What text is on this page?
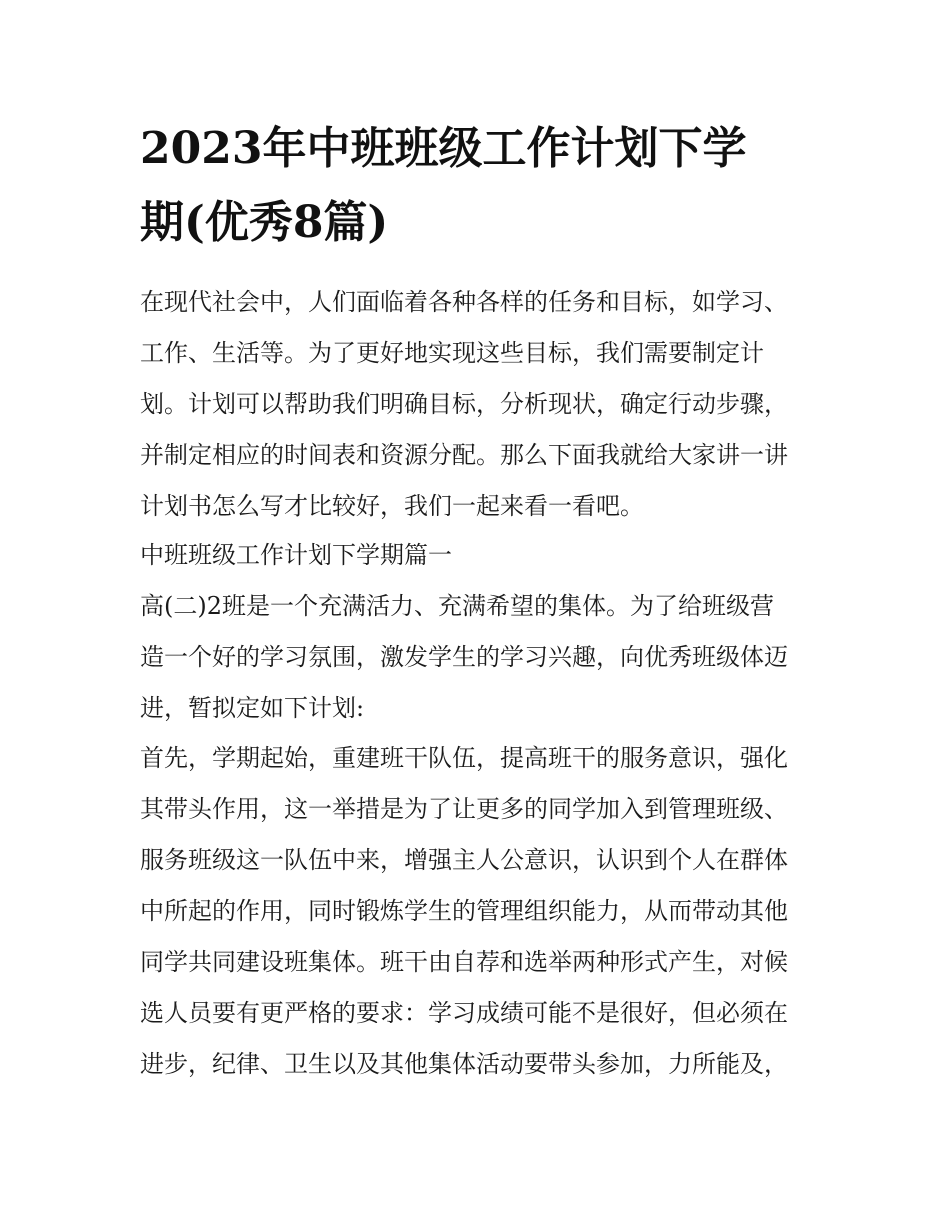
2023年中班班级工作计划下学
期(优秀8篇)

在现代社会中，人们面临着各种各样的任务和目标，如学习、

工作、生活等。为了更好地实现这些目标，我们需要制定计

划。计划可以帮助我们明确目标，分析现状，确定行动步骤，

并制定相应的时间表和资源分配。那么下面我就给大家讲一讲

计划书怎么写才比较好，我们一起来看一看吧。

中班班级工作计划下学期篇一

高(二)2班是一个充满活力、充满希望的集体。为了给班级营

造一个好的学习氛围，激发学生的学习兴趣，向优秀班级体迈

进，暂拟定如下计划:

首先，学期起始，重建班干队伍，提高班干的服务意识，强化

其带头作用，这一举措是为了让更多的同学加入到管理班级、

服务班级这一队伍中来，增强主人公意识，认识到个人在群体

中所起的作用，同时锻炼学生的管理组织能力，从而带动其他

同学共同建设班集体。班干由自荐和选举两种形式产生，对候

选人员要有更严格的要求：学习成绩可能不是很好，但必须在

进步，纪律、卫生以及其他集体活动要带头参加，力所能及，
